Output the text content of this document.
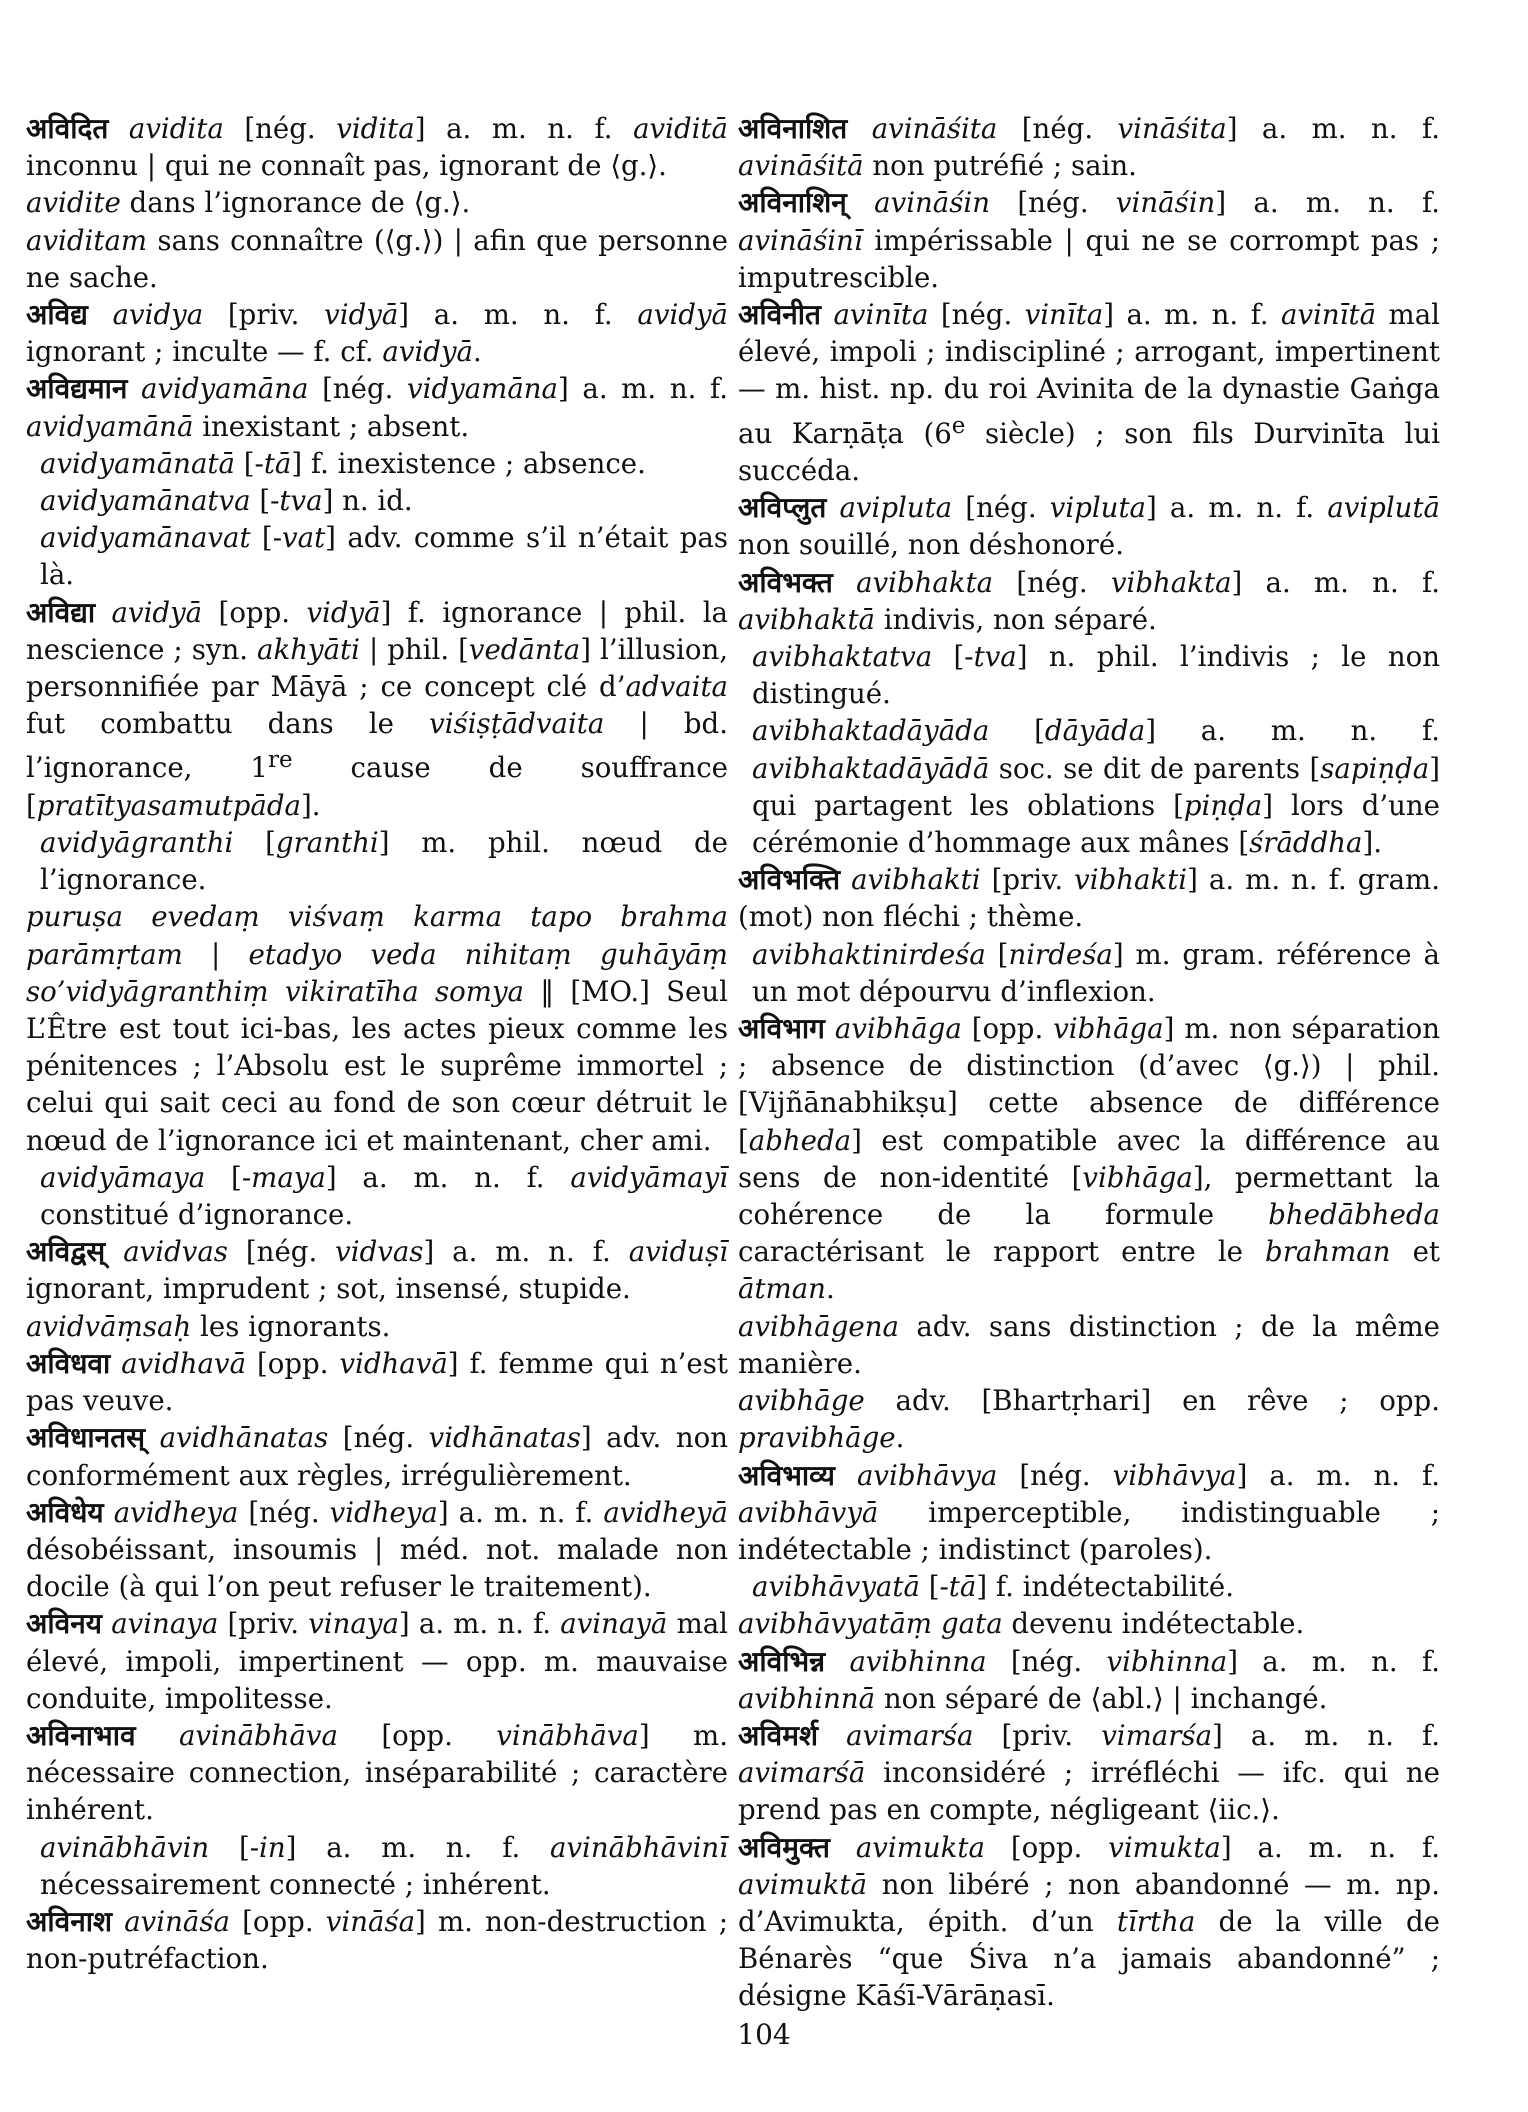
अविदित avidita [nég. vidita] a. m. n. f. aviditā inconnu | qui ne connaît pas, ignorant de ⟨g.⟩.

avidite dans l’ignorance de ⟨g.⟩.

aviditam sans connaître (⟨g.⟩) | afin que personne ne sache.

अविद्य avidya [priv. vidyā] a. m. n. f. avidyā ignorant ; inculte — f. cf. avidyā.

अविद्यमान avidyamāna [nég. vidyamāna] a. m. n. f. avidyamānā inexistant ; absent.

avidyamānatā [-tā] f. inexistence ; absence.

avidyamānatva [-tva] n. id.

avidyamānavat [-vat] adv. comme s’il n’était pas là.

अविद्या avidyā [opp. vidyā] f. ignorance | phil. la nescience ; syn. akhyāti | phil. [vedānta] l’illusion, personnifiée par Māyā ; ce concept clé d’advaita fut combattu dans le viśiṣṭādvaita | bd. l’ignorance, 1re cause de souffrance [pratītyasamutpāda].

avidyāgranthi [granthi] m. phil. nœud de l’ignorance.

puruṣa evedaṃ viśvaṃ karma tapo brahma parāmṛtam | etadyo veda nihitaṃ guhāyāṃ so’vidyāgranthiṃ vikiratīha somya ‖ [MO.] Seul L’Être est tout ici-bas, les actes pieux comme les pénitences ; l’Absolu est le suprême immortel ; celui qui sait ceci au fond de son cœur détruit le nœud de l’ignorance ici et maintenant, cher ami.

avidyāmaya [-maya] a. m. n. f. avidyāmayī constitué d’ignorance.

अविद्वस् avidvas [nég. vidvas] a. m. n. f. aviduṣī ignorant, imprudent ; sot, insensé, stupide.

avidvāṃsaḥ les ignorants.

अविधवा avidhavā [opp. vidhavā] f. femme qui n’est pas veuve.

अविधानतस् avidhānatas [nég. vidhānatas] adv. non conformément aux règles, irrégulièrement.

अविधेय avidheya [nég. vidheya] a. m. n. f. avidheyā désobéissant, insoumis | méd. not. malade non docile (à qui l’on peut refuser le traitement).

अविनय avinaya [priv. vinaya] a. m. n. f. avinayā mal élevé, impoli, impertinent — opp. m. mauvaise conduite, impolitesse.

अविनाभाव avinābhāva [opp. vinābhāva] m. nécessaire connection, inséparabilité ; caractère inhérent.

avinābhāvin [-in] a. m. n. f. avinābhāvinī nécessairement connecté ; inhérent.

अविनाश avināśa [opp. vināśa] m. non-destruction ; non-putréfaction.

अविनाशित avināśita [nég. vināśita] a. m. n. f. avināśitā non putréfié ; sain.

अविनाशिन् avināśin [nég. vināśin] a. m. n. f. avināśinī impérissable | qui ne se corrompt pas ; imputrescible.

अविनीत avinīta [nég. vinīta] a. m. n. f. avinītā mal élevé, impoli ; indiscipliné ; arrogant, impertinent — m. hist. np. du roi Avinita de la dynastie Gaṅga au Karṇāṭa (6e siècle) ; son fils Durvinīta lui succéda.

अविप्लुत avipluta [nég. vipluta] a. m. n. f. aviplutā non souillé, non déshonoré.

अविभक्त avibhakta [nég. vibhakta] a. m. n. f. avibhaktā indivis, non séparé.

avibhaktatva [-tva] n. phil. l’indivis ; le non distingué.

avibhaktadāyāda [dāyāda] a. m. n. f. avibhaktadāyādā soc. se dit de parents [sapiṇḍa] qui partagent les oblations [piṇḍa] lors d’une cérémonie d’hommage aux mânes [śrāddha].

अविभक्ति avibhakti [priv. vibhakti] a. m. n. f. gram. (mot) non fléchi ; thème.

avibhaktinirdeśa [nirdeśa] m. gram. référence à un mot dépourvu d’inflexion.

अविभाग avibhāga [opp. vibhāga] m. non séparation ; absence de distinction (d’avec ⟨g.⟩) | phil. [Vijñānabhikṣu] cette absence de différence [abheda] est compatible avec la différence au sens de non-identité [vibhāga], permettant la cohérence de la formule bhedābheda caractérisant le rapport entre le brahman et ātman.

avibhāgena adv. sans distinction ; de la même manière.

avibhāge adv. [Bhartṛhari] en rêve ; opp. pravibhāge.

अविभाव्य avibhāvya [nég. vibhāvya] a. m. n. f. avibhāvyā imperceptible, indistinguable ; indétectable ; indistinct (paroles).

avibhāvyatā [-tā] f. indétectabilité.

avibhāvyatāṃ gata devenu indétectable.

अविभिन्न avibhinna [nég. vibhinna] a. m. n. f. avibhinnā non séparé de ⟨abl.⟩ | inchangé.

अविमर्श avimarśa [priv. vimarśa] a. m. n. f. avimarśā inconsidéré ; irréfléchi — ifc. qui ne prend pas en compte, négligeant ⟨iic.⟩.

अविमुक्त avimukta [opp. vimukta] a. m. n. f. avimuktā non libéré ; non abandonné — m. np. d’Avimukta, épith. d’un tīrtha de la ville de Bénarès “que Śiva n’a jamais abandonné” ; désigne Kāśī-Vārāṇasī.

104
